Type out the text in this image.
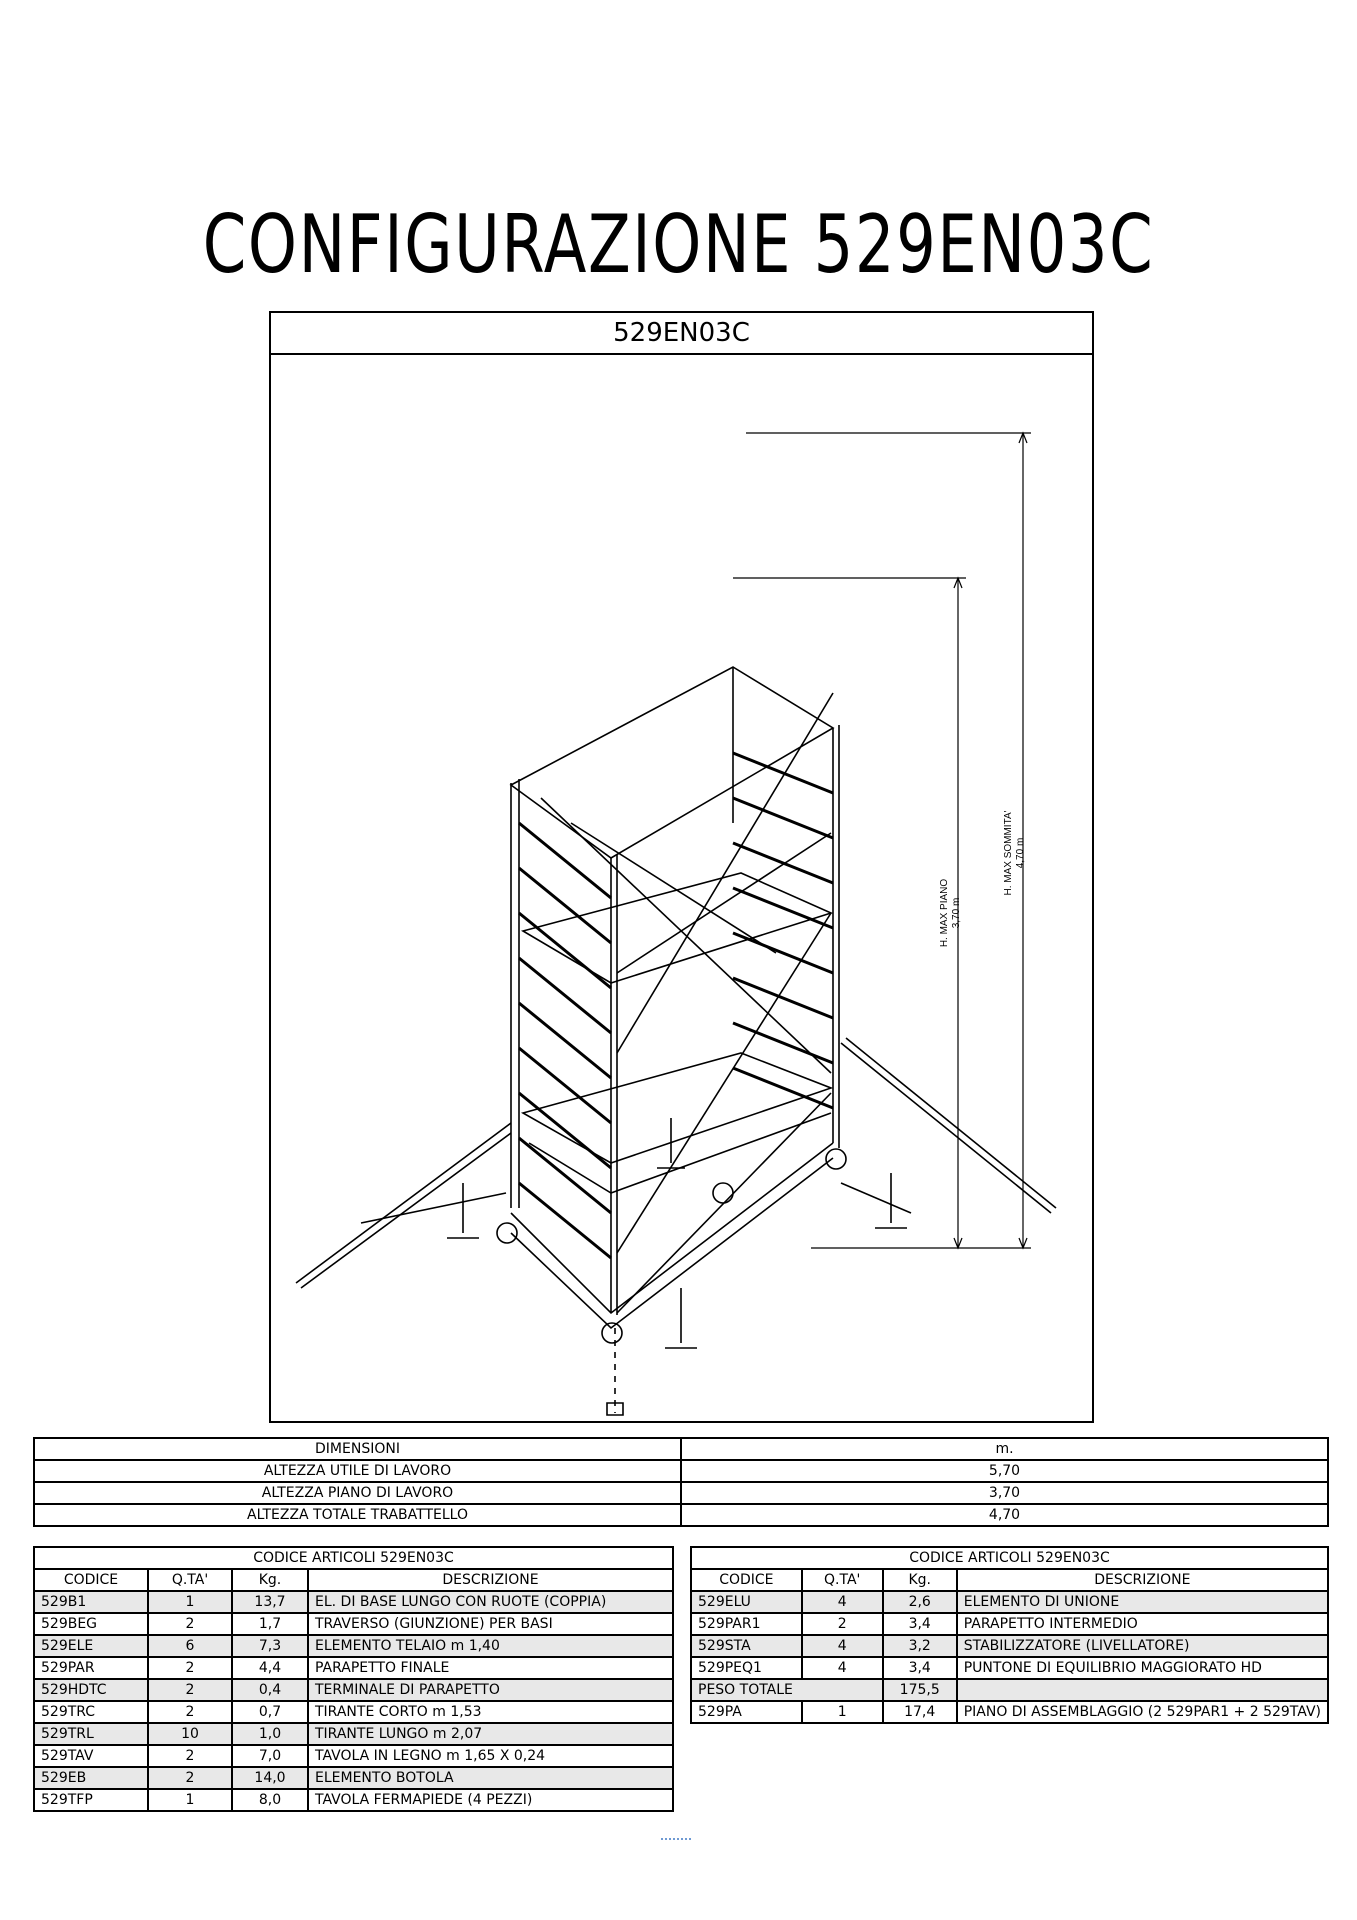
CONFIGURAZIONE 529EN03C
529EN03C
H. MAX SOMMITA' 4,70 m
H. MAX PIANO 3,70 m
DIMENSIONI	m.
ALTEZZA UTILE DI LAVORO	5,70
ALTEZZA PIANO DI LAVORO	3,70
ALTEZZA TOTALE TRABATTELLO	4,70
CODICE ARTICOLI 529EN03C			
CODICE	Q.TA'	Kg.	DESCRIZIONE
529B1	1	13,7	EL. DI BASE LUNGO CON RUOTE (COPPIA)
529BEG	2	1,7	TRAVERSO (GIUNZIONE) PER BASI
529ELE	6	7,3	ELEMENTO TELAIO m 1,40
529PAR	2	4,4	PARAPETTO FINALE
529HDTC	2	0,4	TERMINALE DI PARAPETTO
529TRC	2	0,7	TIRANTE CORTO m 1,53
529TRL	10	1,0	TIRANTE LUNGO m 2,07
529TAV	2	7,0	TAVOLA IN LEGNO m 1,65 X 0,24
529EB	2	14,0	ELEMENTO BOTOLA
529TFP	1	8,0	TAVOLA FERMAPIEDE (4 PEZZI)
CODICE ARTICOLI 529EN03C			
CODICE	Q.TA'	Kg.	DESCRIZIONE
529ELU	4	2,6	ELEMENTO DI UNIONE
529PAR1	2	3,4	PARAPETTO INTERMEDIO
529STA	4	3,2	STABILIZZATORE (LIVELLATORE)
529PEQ1	4	3,4	PUNTONE DI EQUILIBRIO MAGGIORATO HD
PESO TOTALE		175,5	
529PA	1	17,4	PIANO DI ASSEMBLAGGIO (2 529PAR1 + 2 529TAV)
